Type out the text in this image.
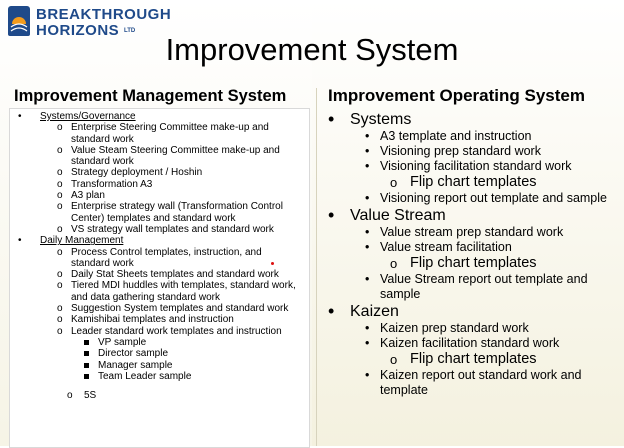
BREAKTHROUGH
HORIZONS LTD
Improvement System
Improvement Management System
• Systems/Governance
o Enterprise Steering Committee make-up and standard work
o Value Steam Steering Committee make-up and standard work
o Strategy deployment / Hoshin
o Transformation A3
o A3 plan
o Enterprise strategy wall (Transformation Control Center) templates and standard work
o VS strategy wall templates and standard work
• Daily Management
o Process Control templates, instruction, and standard work
o Daily Stat Sheets templates and standard work
o Tiered MDI huddles with templates, standard work, and data gathering standard work
o Suggestion System templates and standard work
o Kamishibai templates and instruction
o Leader standard work templates and instruction
VP sample
Director sample
Manager sample
Team Leader sample
o 5S
Improvement Operating System
• Systems
• A3 template and instruction
• Visioning prep standard work
• Visioning facilitation standard work
o Flip chart templates
• Visioning report out template and sample
• Value Stream
• Value stream prep standard work
• Value stream facilitation
o Flip chart templates
• Value Stream report out template and sample
• Kaizen
• Kaizen prep standard work
• Kaizen facilitation standard work
o Flip chart templates
• Kaizen report out standard work and template
